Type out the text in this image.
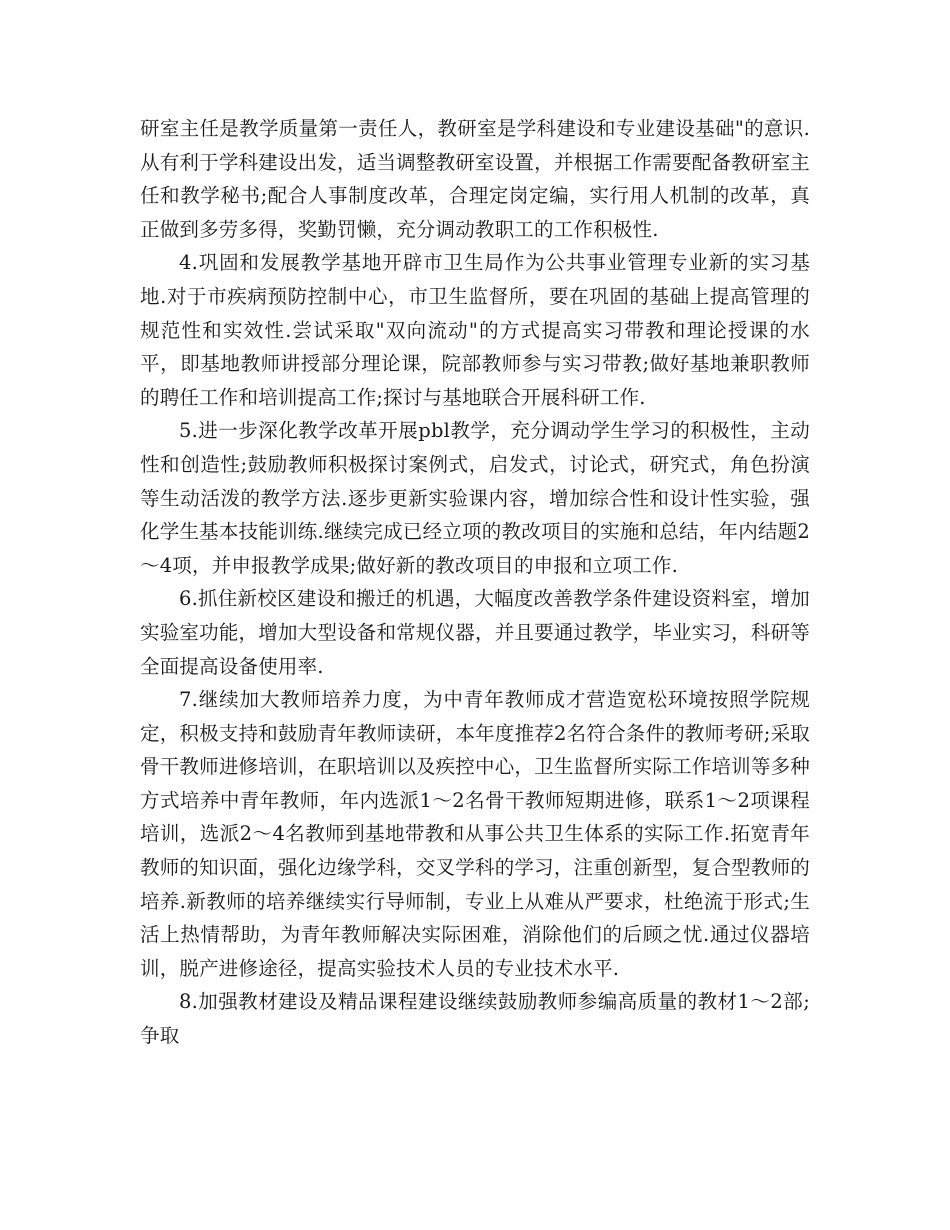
研室主任是教学质量第一责任人，教研室是学科建设和专业建设基础"的意识.从有利于学科建设出发，适当调整教研室设置，并根据工作需要配备教研室主任和教学秘书;配合人事制度改革，合理定岗定编，实行用人机制的改革，真正做到多劳多得，奖勤罚懒，充分调动教职工的工作积极性.

4.巩固和发展教学基地开辟市卫生局作为公共事业管理专业新的实习基地.对于市疾病预防控制中心，市卫生监督所，要在巩固的基础上提高管理的规范性和实效性.尝试采取"双向流动"的方式提高实习带教和理论授课的水平，即基地教师讲授部分理论课，院部教师参与实习带教;做好基地兼职教师的聘任工作和培训提高工作;探讨与基地联合开展科研工作.

5.进一步深化教学改革开展pbl教学，充分调动学生学习的积极性，主动性和创造性;鼓励教师积极探讨案例式，启发式，讨论式，研究式，角色扮演等生动活泼的教学方法.逐步更新实验课内容，增加综合性和设计性实验，强化学生基本技能训练.继续完成已经立项的教改项目的实施和总结，年内结题2～4项，并申报教学成果;做好新的教改项目的申报和立项工作.

6.抓住新校区建设和搬迁的机遇，大幅度改善教学条件建设资料室，增加实验室功能，增加大型设备和常规仪器，并且要通过教学，毕业实习，科研等全面提高设备使用率.

7.继续加大教师培养力度，为中青年教师成才营造宽松环境按照学院规定，积极支持和鼓励青年教师读研，本年度推荐2名符合条件的教师考研;采取骨干教师进修培训，在职培训以及疾控中心，卫生监督所实际工作培训等多种方式培养中青年教师，年内选派1～2名骨干教师短期进修，联系1～2项课程培训，选派2～4名教师到基地带教和从事公共卫生体系的实际工作.拓宽青年教师的知识面，强化边缘学科，交叉学科的学习，注重创新型，复合型教师的培养.新教师的培养继续实行导师制，专业上从难从严要求，杜绝流于形式;生活上热情帮助，为青年教师解决实际困难，消除他们的后顾之忧.通过仪器培训，脱产进修途径，提高实验技术人员的专业技术水平.

8.加强教材建设及精品课程建设继续鼓励教师参编高质量的教材1～2部;争取
